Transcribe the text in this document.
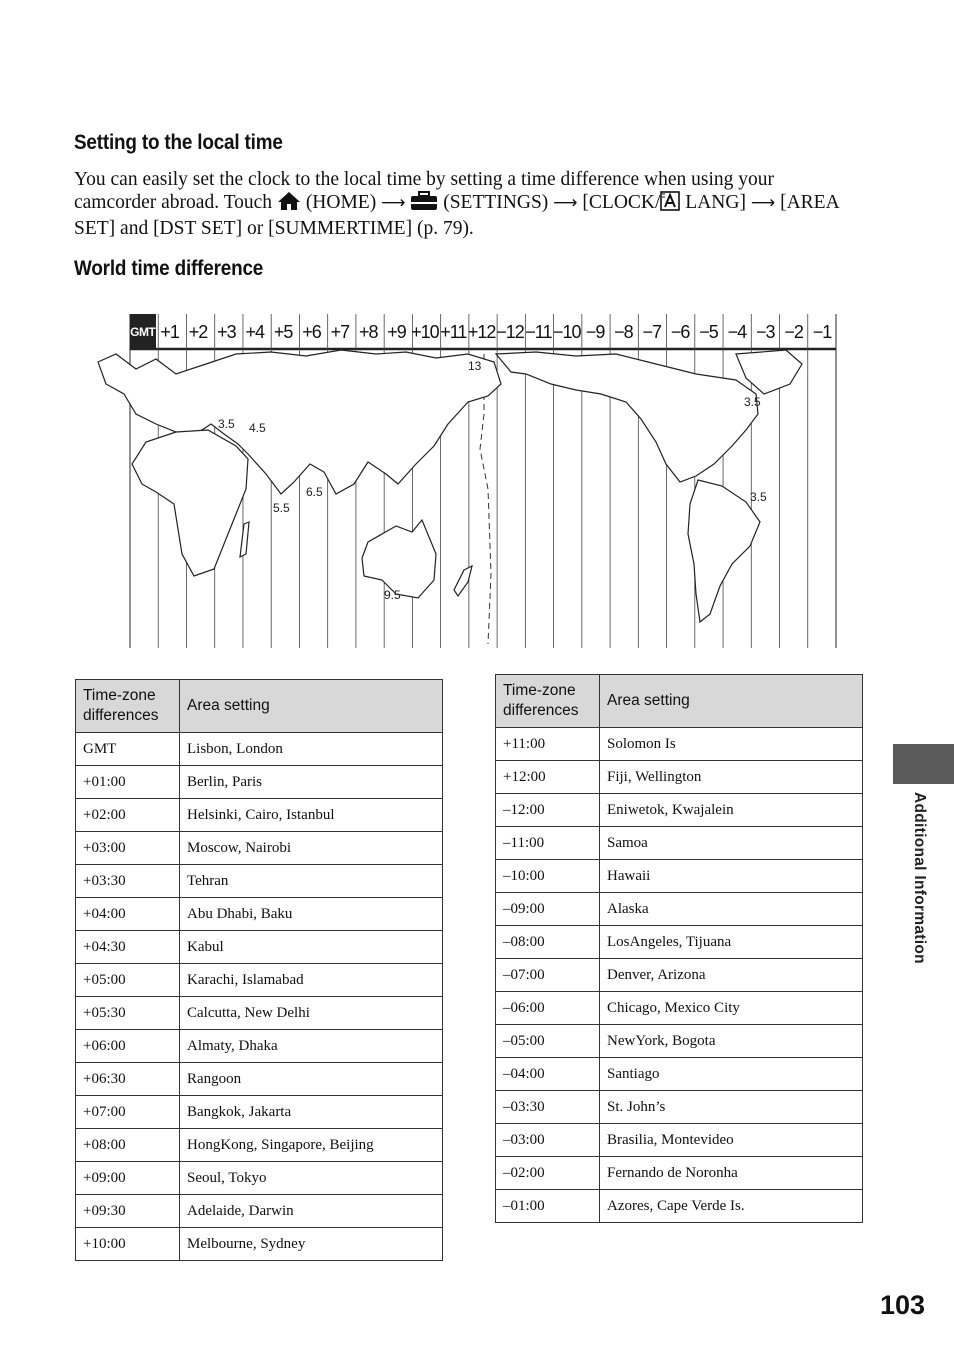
Setting to the local time
You can easily set the clock to the local time by setting a time difference when using your camcorder abroad. Touch (HOME) ⟶ (SETTINGS) ⟶ [CLOCK/ LANG] ⟶ [AREA SET] and [DST SET] or [SUMMERTIME] (p. 79).
World time difference
3.5 4.5
5.5
6.5
9.5
13
3.5
3.5
GMT +1 +2 +3 +4 +5 +6 +7 +8 +9 +10 +11 +12 −12 −11 −10 −9 −8 −7 −6 −5 −4 −3 −2 −1
Time-zone differences	Area setting
GMT	Lisbon, London
+01:00	Berlin, Paris
+02:00	Helsinki, Cairo, Istanbul
+03:00	Moscow, Nairobi
+03:30	Tehran
+04:00	Abu Dhabi, Baku
+04:30	Kabul
+05:00	Karachi, Islamabad
+05:30	Calcutta, New Delhi
+06:00	Almaty, Dhaka
+06:30	Rangoon
+07:00	Bangkok, Jakarta
+08:00	HongKong, Singapore, Beijing
+09:00	Seoul, Tokyo
+09:30	Adelaide, Darwin
+10:00	Melbourne, Sydney
Time-zone differences	Area setting
+11:00	Solomon Is
+12:00	Fiji, Wellington
–12:00	Eniwetok, Kwajalein
–11:00	Samoa
–10:00	Hawaii
–09:00	Alaska
–08:00	LosAngeles, Tijuana
–07:00	Denver, Arizona
–06:00	Chicago, Mexico City
–05:00	NewYork, Bogota
–04:00	Santiago
–03:30	St. John’s
–03:00	Brasilia, Montevideo
–02:00	Fernando de Noronha
–01:00	Azores, Cape Verde Is.
Additional Information
103
